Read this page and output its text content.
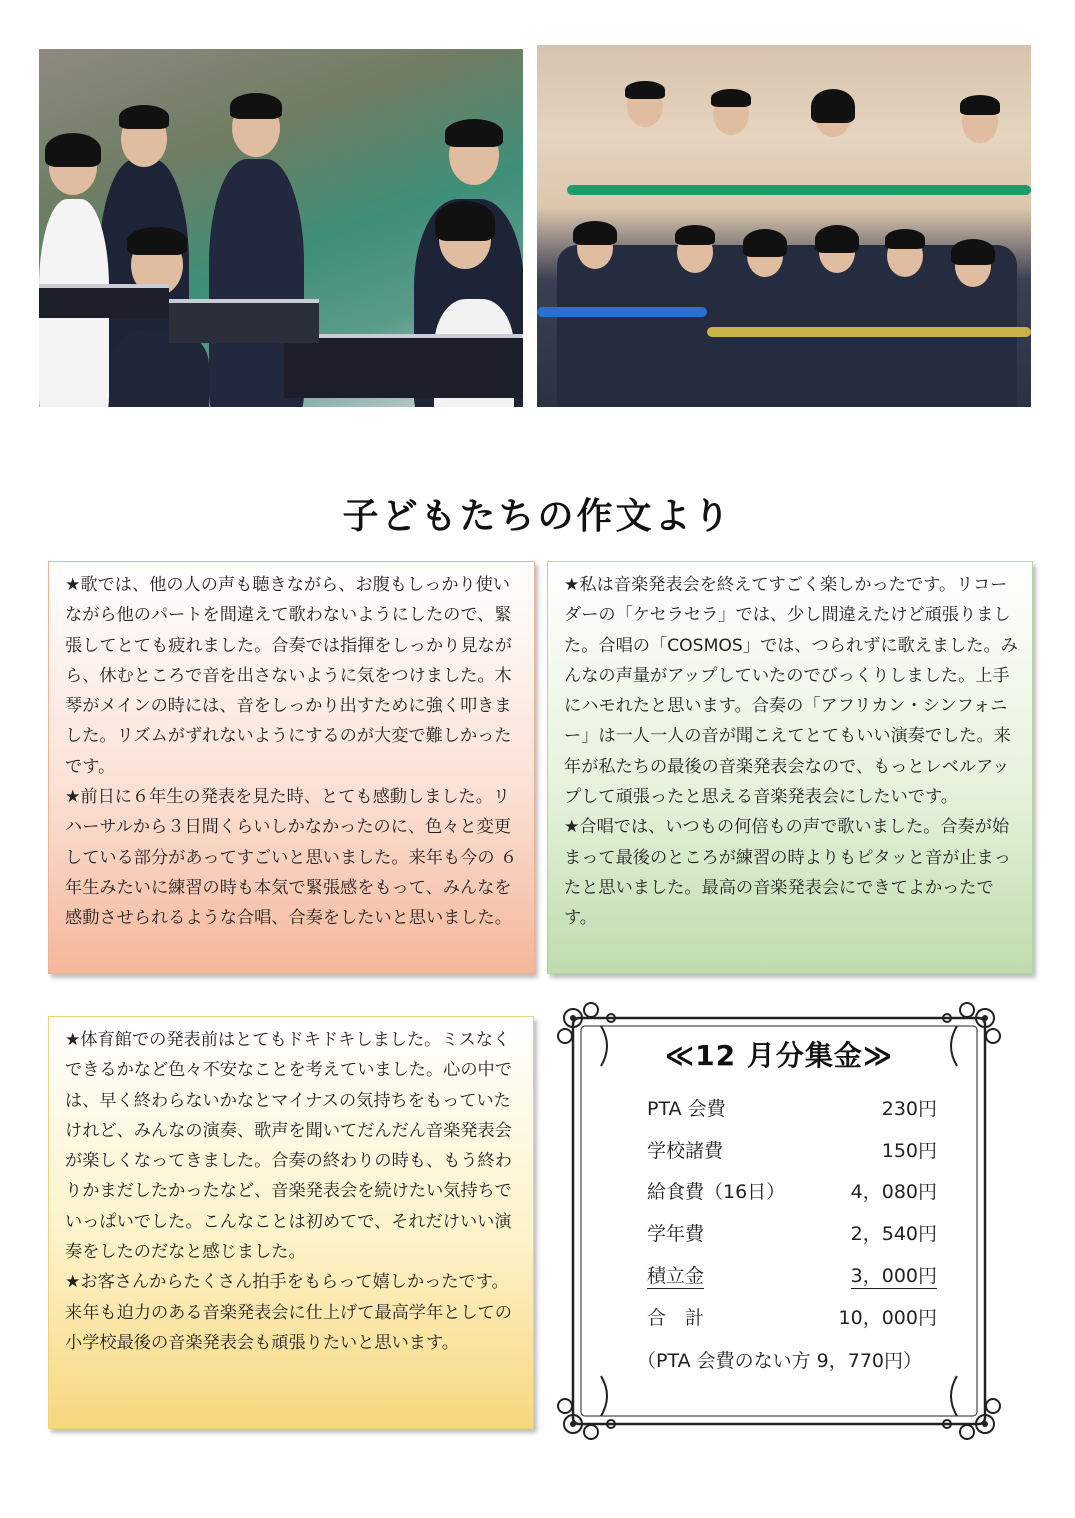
子どもたちの作文より
★歌では、他の人の声も聴きながら、お腹もしっかり使いながら他のパートを間違えて歌わないようにしたので、緊張してとても疲れました。合奏では指揮をしっかり見ながら、休むところで音を出さないように気をつけました。木琴がメインの時には、音をしっかり出すために強く叩きました。リズムがずれないようにするのが大変で難しかったです。
★前日に６年生の発表を見た時、とても感動しました。リハーサルから３日間くらいしかなかったのに、色々と変更している部分があってすごいと思いました。来年も今の ６ 年生みたいに練習の時も本気で緊張感をもって、みんなを感動させられるような合唱、合奏をしたいと思いました。
★私は音楽発表会を終えてすごく楽しかったです。リコーダーの「ケセラセラ」では、少し間違えたけど頑張りました。合唱の「COSMOS」では、つられずに歌えました。みんなの声量がアップしていたのでびっくりしました。上手にハモれたと思います。合奏の「アフリカン・シンフォニー」は一人一人の音が聞こえてとてもいい演奏でした。来年が私たちの最後の音楽発表会なので、もっとレベルアップして頑張ったと思える音楽発表会にしたいです。
★合唱では、いつもの何倍もの声で歌いました。合奏が始まって最後のところが練習の時よりもピタッと音が止まったと思いました。最高の音楽発表会にできてよかったです。
★体育館での発表前はとてもドキドキしました。ミスなくできるかなど色々不安なことを考えていました。心の中では、早く終わらないかなとマイナスの気持ちをもっていたけれど、みんなの演奏、歌声を聞いてだんだん音楽発表会が楽しくなってきました。合奏の終わりの時も、もう終わりかまだしたかったなど、音楽発表会を続けたい気持ちでいっぱいでした。こんなことは初めてで、それだけいい演奏をしたのだなと感じました。
★お客さんからたくさん拍手をもらって嬉しかったです。来年も迫力のある音楽発表会に仕上げて最高学年としての小学校最後の音楽発表会も頑張りたいと思います。
≪12 月分集金≫
PTA 会費	230円
学校諸費	150円
給食費（16日）	4，080円
学年費	2，540円
積立金	3，000円
合　計	10，000円
（PTA 会費のない方 9，770円）
